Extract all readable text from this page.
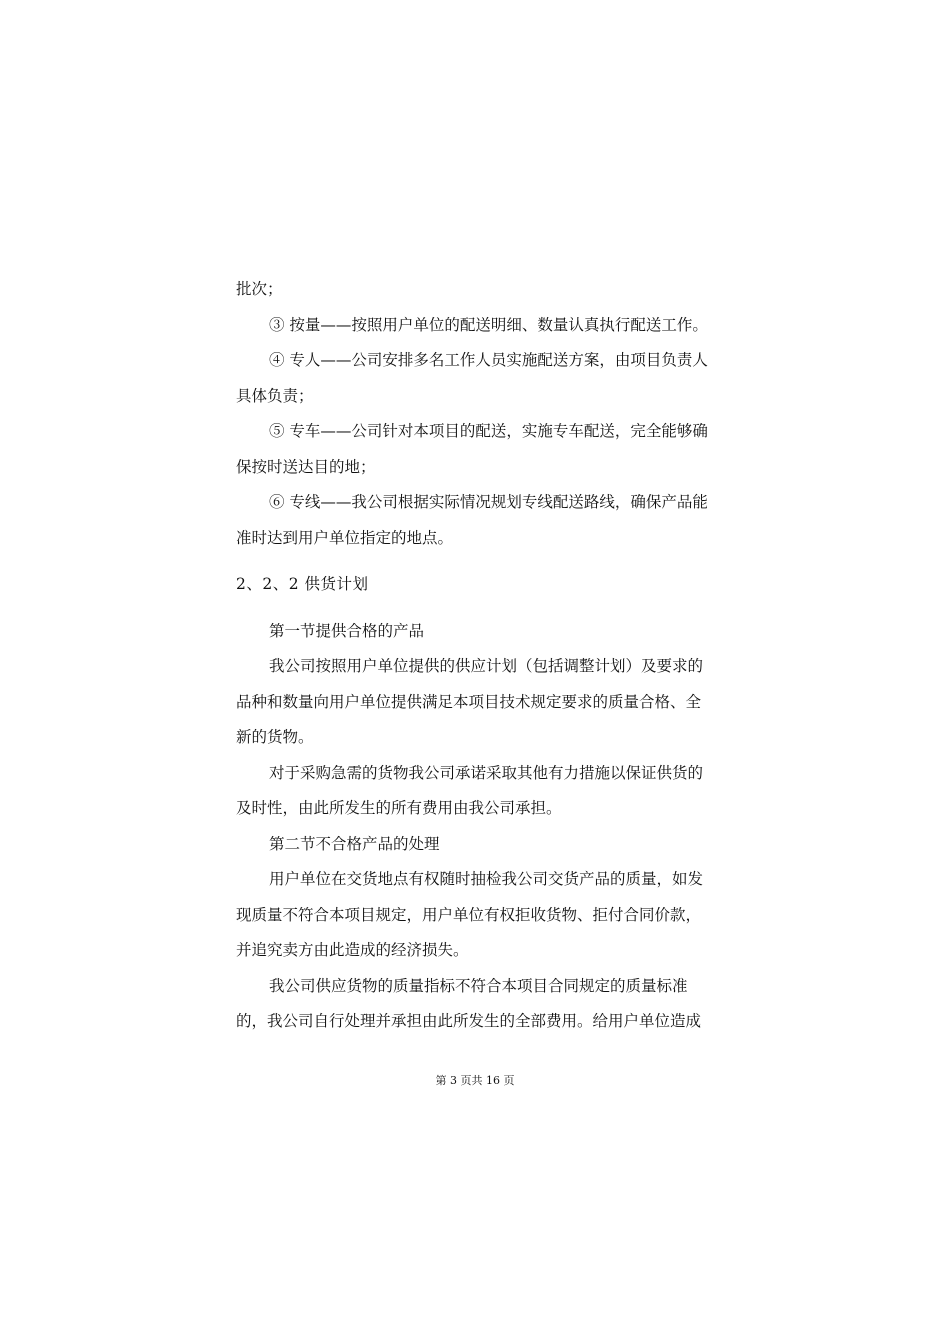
批次；
③ 按量——按照用户单位的配送明细、数量认真执行配送工作。
④ 专人——公司安排多名工作人员实施配送方案，由项目负责人
具体负责；
⑤ 专车——公司针对本项目的配送，实施专车配送，完全能够确
保按时送达目的地；
⑥ 专线——我公司根据实际情况规划专线配送路线，确保产品能
准时达到用户单位指定的地点。
2、2、2 供货计划
第一节提供合格的产品
我公司按照用户单位提供的供应计划（包括调整计划）及要求的
品种和数量向用户单位提供满足本项目技术规定要求的质量合格、全
新的货物。
对于采购急需的货物我公司承诺采取其他有力措施以保证供货的
及时性，由此所发生的所有费用由我公司承担。
第二节不合格产品的处理
用户单位在交货地点有权随时抽检我公司交货产品的质量，如发
现质量不符合本项目规定，用户单位有权拒收货物、拒付合同价款，
并追究卖方由此造成的经济损失。
我公司供应货物的质量指标不符合本项目合同规定的质量标准
的，我公司自行处理并承担由此所发生的全部费用。给用户单位造成
第 3 页共 16 页
